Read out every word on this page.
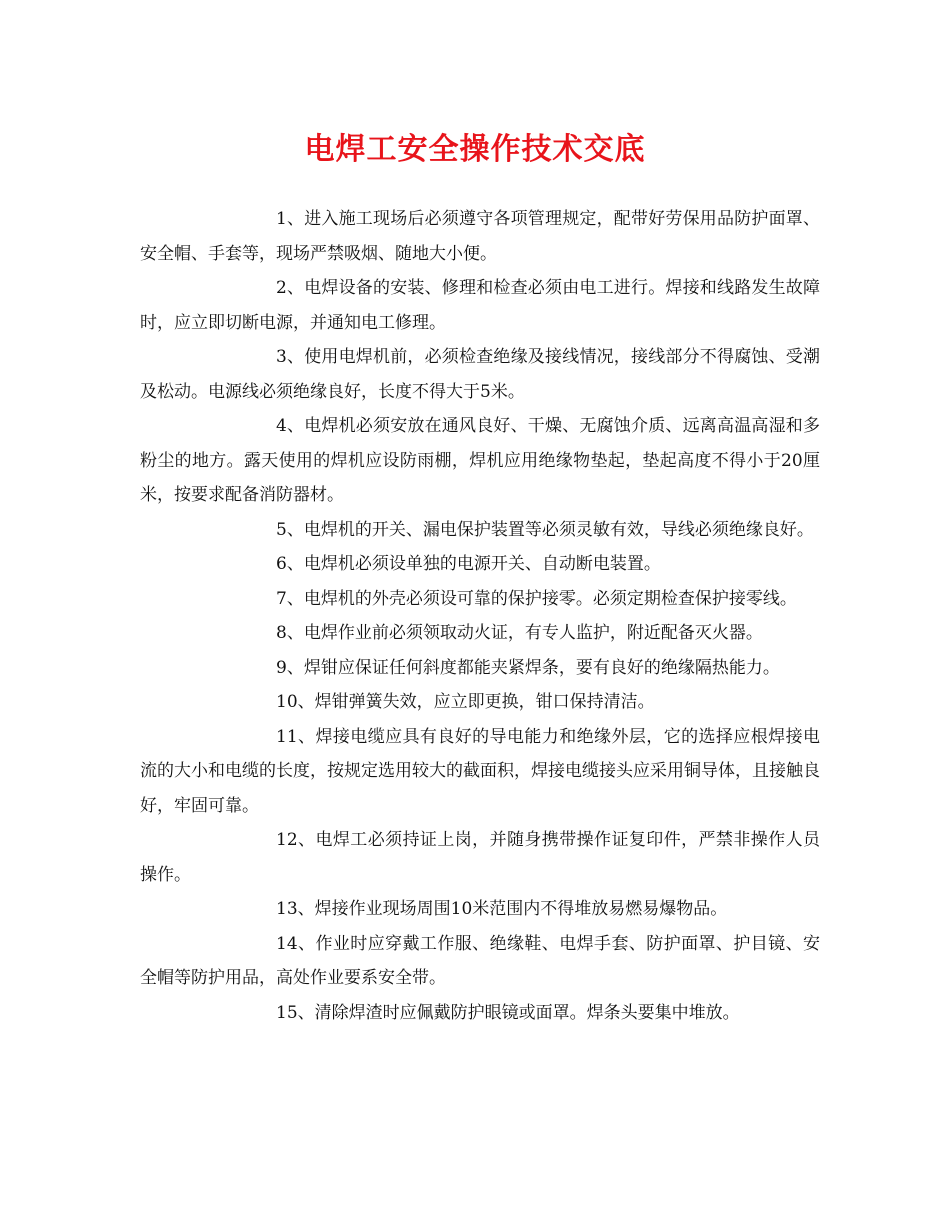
电焊工安全操作技术交底

1、进入施工现场后必须遵守各项管理规定，配带好劳保用品防护面罩、安全帽、手套等，现场严禁吸烟、随地大小便。

2、电焊设备的安装、修理和检查必须由电工进行。焊接和线路发生故障时，应立即切断电源，并通知电工修理。

3、使用电焊机前，必须检查绝缘及接线情况，接线部分不得腐蚀、受潮及松动。电源线必须绝缘良好，长度不得大于5米。

4、电焊机必须安放在通风良好、干燥、无腐蚀介质、远离高温高湿和多粉尘的地方。露天使用的焊机应设防雨棚，焊机应用绝缘物垫起，垫起高度不得小于20厘米，按要求配备消防器材。

5、电焊机的开关、漏电保护装置等必须灵敏有效，导线必须绝缘良好。

6、电焊机必须设单独的电源开关、自动断电装置。

7、电焊机的外壳必须设可靠的保护接零。必须定期检查保护接零线。

8、电焊作业前必须领取动火证，有专人监护，附近配备灭火器。

9、焊钳应保证任何斜度都能夹紧焊条，要有良好的绝缘隔热能力。

10、焊钳弹簧失效，应立即更换，钳口保持清洁。

11、焊接电缆应具有良好的导电能力和绝缘外层，它的选择应根焊接电流的大小和电缆的长度，按规定选用较大的截面积，焊接电缆接头应采用铜导体，且接触良好，牢固可靠。

12、电焊工必须持证上岗，并随身携带操作证复印件，严禁非操作人员操作。

13、焊接作业现场周围10米范围内不得堆放易燃易爆物品。

14、作业时应穿戴工作服、绝缘鞋、电焊手套、防护面罩、护目镜、安全帽等防护用品，高处作业要系安全带。

15、清除焊渣时应佩戴防护眼镜或面罩。焊条头要集中堆放。
